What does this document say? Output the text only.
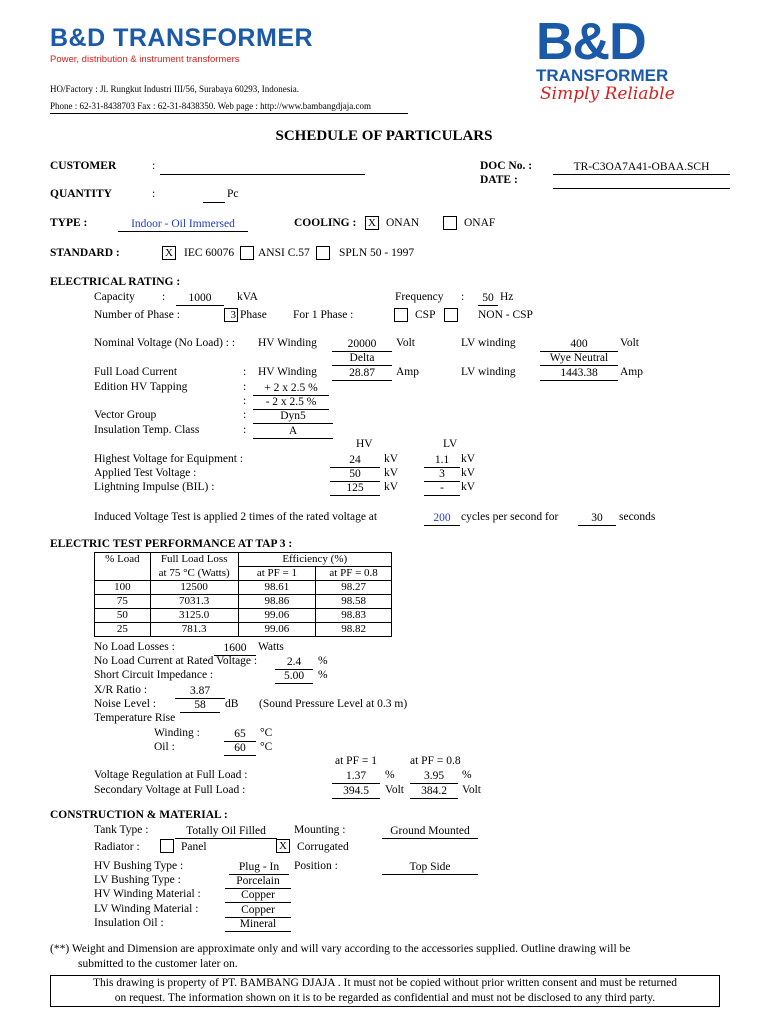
B&D TRANSFORMER
Power, distribution & instrument transformers
HO/Factory : Jl. Rungkut Industri III/56, Surabaya 60293, Indonesia.
Phone : 62-31-8438703 Fax : 62-31-8438350. Web page : http://www.bambangdjaja.com
B&D
TRANSFORMER
Simply Reliable
SCHEDULE OF PARTICULARS
CUSTOMER	:	DOC No. :	TR-C3OA7A41-OBAA.SCH
DATE :
QUANTITY	:	Pc
TYPE :	Indoor - Oil Immersed	COOLING : X ONAN	ONAF
STANDARD :	X IEC 60076 ANSI C.57	SPLN 50 - 1997
ELECTRICAL RATING :
Capacity :	1000	kVA	Frequency :	50 Hz
Number of Phase :	3 Phase For 1 Phase :	CSP	NON - CSP
Nominal Voltage (No Load) : : HV Winding	20000	Volt	LV winding	400	Volt
Delta	Wye Neutral
Full Load Current	: HV Winding	28.87	Amp	LV winding	1443.38	Amp
Edition HV Tapping	:	+ 2 x 2.5 %
:	- 2 x 2.5 %
Vector Group	:	Dyn5
Insulation Temp. Class	:	A
HV	LV
Highest Voltage for Equipment :	24	kV	1.1	kV
Applied Test Voltage :	50	kV	3	kV
Lightning Impulse (BIL) :	125	kV	-	kV
Induced Voltage Test is applied 2 times of the rated voltage at	200 cycles per second for	30	seconds
ELECTRIC TEST PERFORMANCE AT TAP 3 :
% Load	Full Load Loss	Efficiency (%)	
	at 75 °C (Watts)	at PF = 1	at PF = 0.8
100	12500	98.61	98.27
75	7031.3	98.86	98.58
50	3125.0	99.06	98.83
25	781.3	99.06	98.82
No Load Losses :	1600	Watts
No Load Current at Rated Voltage :	2.4	%
Short Circuit Impedance :	5.00	%
X/R Ratio :	3.87
Noise Level :	58	dB (Sound Pressure Level at 0.3 m)
Temperature Rise
Winding :	65	°C
Oil :	60	°C
at PF = 1	at PF = 0.8
Voltage Regulation at Full Load :	1.37	%	3.95	%
Secondary Voltage at Full Load :	394.5	Volt	384.2	Volt
CONSTRUCTION & MATERIAL :
Tank Type :	Totally Oil Filled	Mounting :	Ground Mounted
Radiator :	Panel	X Corrugated
HV Bushing Type :	Plug - In	Position :	Top Side
LV Bushing Type :	Porcelain
HV Winding Material :	Copper
LV Winding Material :	Copper
Insulation Oil :	Mineral
(**) Weight and Dimension are approximate only and will vary according to the accessories supplied. Outline drawing will be
submitted to the customer later on.
This drawing is property of PT. BAMBANG DJAJA . It must not be copied without prior written consent and must be returned
on request. The information shown on it is to be regarded as confidential and must not be disclosed to any third party.
